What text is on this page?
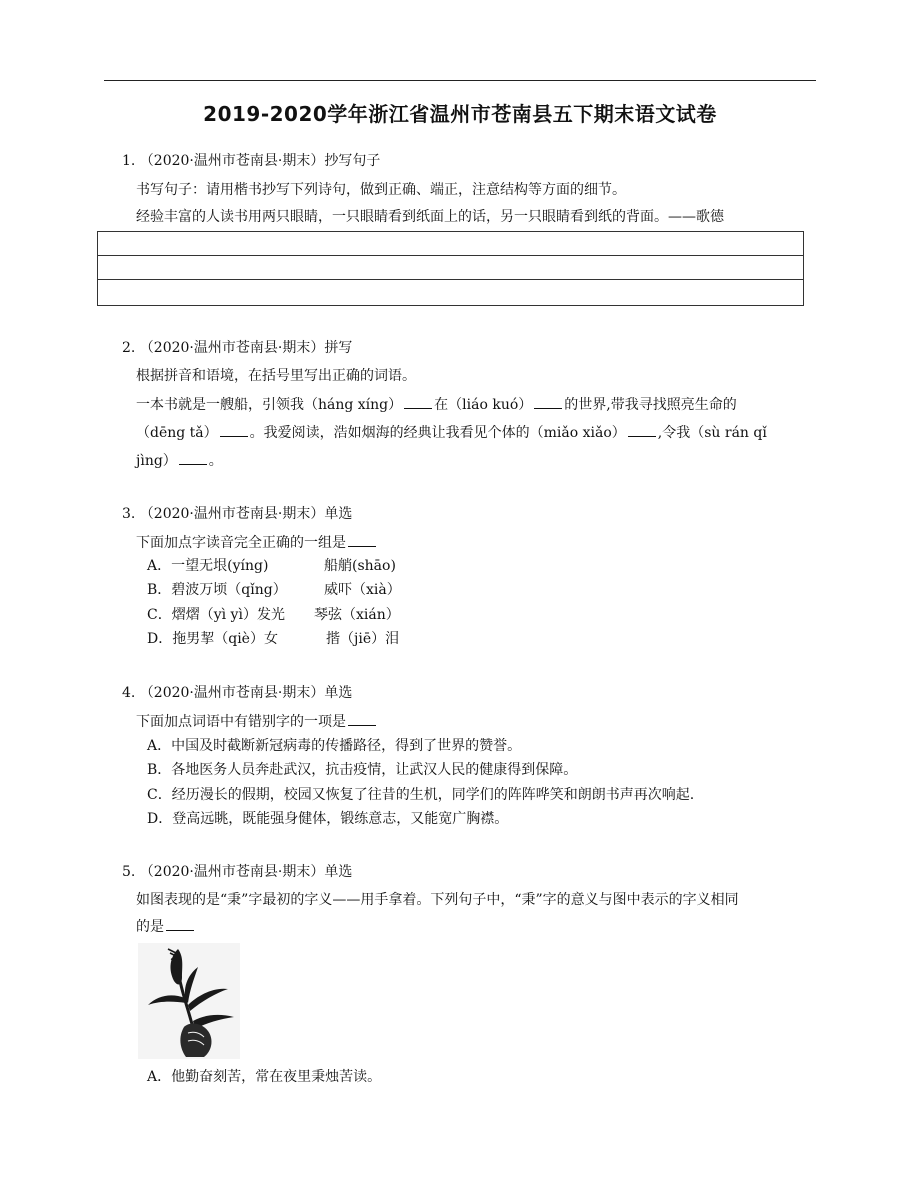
2019-2020学年浙江省温州市苍南县五下期末语文试卷
1. （2020·温州市苍南县·期末）抄写句子
书写句子：请用楷书抄写下列诗句，做到正确、端正，注意结构等方面的细节。
经验丰富的人读书用两只眼睛，一只眼睛看到纸面上的话，另一只眼睛看到纸的背面。——歌德
2. （2020·温州市苍南县·期末）拼写
根据拼音和语境，在括号里写出正确的词语。
一本书就是一艘船，引领我（háng xíng） 在（liáo kuó） 的世界,带我寻找照亮生命的
（dēng tǎ） 。我爱阅读，浩如烟海的经典让我看见个体的（miǎo xiǎo） ,令我（sù rán qǐ
jìng） 。
3. （2020·温州市苍南县·期末）单选
下面加点字读音完全正确的一组是
A．一望无垠(yíng)	船艄(shāo)
B．碧波万顷（qǐng）	威吓（xià）
C．熠熠（yì yì）发光 琴弦（xián）
D．拖男挈（qiè）女	揩（jiē）泪
4. （2020·温州市苍南县·期末）单选
下面加点词语中有错别字的一项是
A．中国及时截断新冠病毒的传播路径，得到了世界的赞誉。
B．各地医务人员奔赴武汉，抗击疫情，让武汉人民的健康得到保障。
C．经历漫长的假期，校园又恢复了往昔的生机，同学们的阵阵哗笑和朗朗书声再次响起.
D．登高远眺，既能强身健体，锻练意志，又能宽广胸襟。
5. （2020·温州市苍南县·期末）单选
如图表现的是“秉”字最初的字义——用手拿着。下列句子中，“秉”字的意义与图中表示的字义相同
的是
A．他勤奋刻苦，常在夜里秉烛苦读。
